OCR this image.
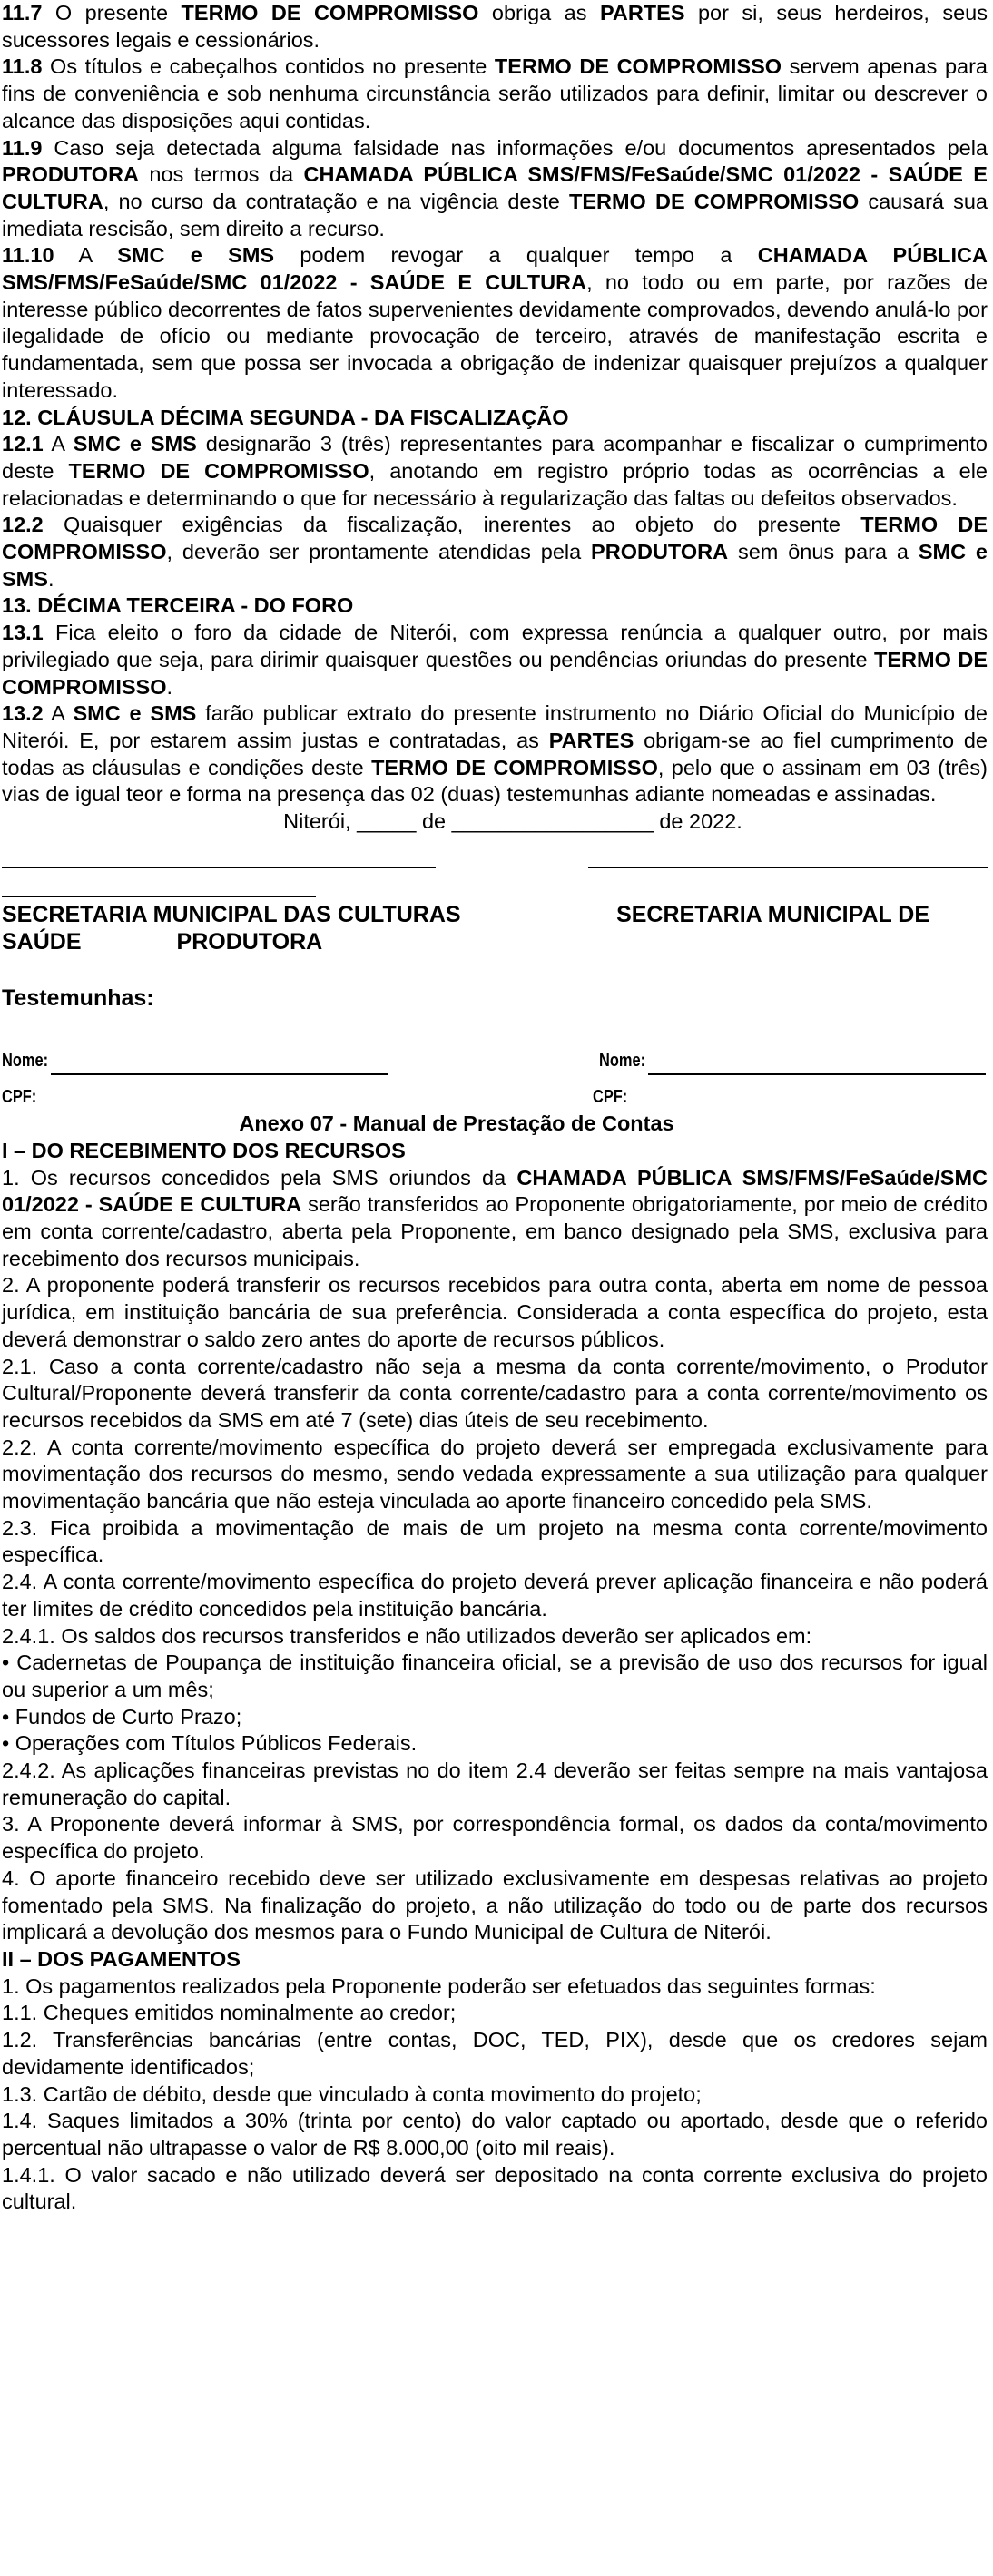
11.7 O presente TERMO DE COMPROMISSO obriga as PARTES por si, seus herdeiros, seus sucessores legais e cessionários.

11.8 Os títulos e cabeçalhos contidos no presente TERMO DE COMPROMISSO servem apenas para fins de conveniência e sob nenhuma circunstância serão utilizados para definir, limitar ou descrever o alcance das disposições aqui contidas.

11.9 Caso seja detectada alguma falsidade nas informações e/ou documentos apresentados pela PRODUTORA nos termos da CHAMADA PÚBLICA SMS/FMS/FeSaúde/SMC 01/2022 - SAÚDE E CULTURA, no curso da contratação e na vigência deste TERMO DE COMPROMISSO causará sua imediata rescisão, sem direito a recurso.

11.10 A SMC e SMS podem revogar a qualquer tempo a CHAMADA PÚBLICA SMS/FMS/FeSaúde/SMC 01/2022 - SAÚDE E CULTURA, no todo ou em parte, por razões de interesse público decorrentes de fatos supervenientes devidamente comprovados, devendo anulá-lo por ilegalidade de ofício ou mediante provocação de terceiro, através de manifestação escrita e fundamentada, sem que possa ser invocada a obrigação de indenizar quaisquer prejuízos a qualquer interessado.

12. CLÁUSULA DÉCIMA SEGUNDA - DA FISCALIZAÇÃO

12.1 A SMC e SMS designarão 3 (três) representantes para acompanhar e fiscalizar o cumprimento deste TERMO DE COMPROMISSO, anotando em registro próprio todas as ocorrências a ele relacionadas e determinando o que for necessário à regularização das faltas ou defeitos observados.

12.2 Quaisquer exigências da fiscalização, inerentes ao objeto do presente TERMO DE COMPROMISSO, deverão ser prontamente atendidas pela PRODUTORA sem ônus para a SMC e SMS.

13. DÉCIMA TERCEIRA - DO FORO

13.1 Fica eleito o foro da cidade de Niterói, com expressa renúncia a qualquer outro, por mais privilegiado que seja, para dirimir quaisquer questões ou pendências oriundas do presente TERMO DE COMPROMISSO.

13.2 A SMC e SMS farão publicar extrato do presente instrumento no Diário Oficial do Município de Niterói. E, por estarem assim justas e contratadas, as PARTES obrigam-se ao fiel cumprimento de todas as cláusulas e condições deste TERMO DE COMPROMISSO, pelo que o assinam em 03 (três) vias de igual teor e forma na presença das 02 (duas) testemunhas adiante nomeadas e assinadas.

Niterói, _____ de _________________ de 2022.

SECRETARIA MUNICIPAL DAS CULTURAS	SECRETARIA MUNICIPAL DE
SAÚDE	PRODUTORA

Testemunhas:

Nome:	Nome:
CPF:	CPF:

Anexo 07 - Manual de Prestação de Contas

I – DO RECEBIMENTO DOS RECURSOS

1. Os recursos concedidos pela SMS oriundos da CHAMADA PÚBLICA SMS/FMS/FeSaúde/SMC 01/2022 - SAÚDE E CULTURA serão transferidos ao Proponente obrigatoriamente, por meio de crédito em conta corrente/cadastro, aberta pela Proponente, em banco designado pela SMS, exclusiva para recebimento dos recursos municipais.

2. A proponente poderá transferir os recursos recebidos para outra conta, aberta em nome de pessoa jurídica, em instituição bancária de sua preferência. Considerada a conta específica do projeto, esta deverá demonstrar o saldo zero antes do aporte de recursos públicos.

2.1. Caso a conta corrente/cadastro não seja a mesma da conta corrente/movimento, o Produtor Cultural/Proponente deverá transferir da conta corrente/cadastro para a conta corrente/movimento os recursos recebidos da SMS em até 7 (sete) dias úteis de seu recebimento.

2.2. A conta corrente/movimento específica do projeto deverá ser empregada exclusivamente para movimentação dos recursos do mesmo, sendo vedada expressamente a sua utilização para qualquer movimentação bancária que não esteja vinculada ao aporte financeiro concedido pela SMS.

2.3. Fica proibida a movimentação de mais de um projeto na mesma conta corrente/movimento específica.

2.4. A conta corrente/movimento específica do projeto deverá prever aplicação financeira e não poderá ter limites de crédito concedidos pela instituição bancária.

2.4.1. Os saldos dos recursos transferidos e não utilizados deverão ser aplicados em:

• Cadernetas de Poupança de instituição financeira oficial, se a previsão de uso dos recursos for igual ou superior a um mês;

• Fundos de Curto Prazo;

• Operações com Títulos Públicos Federais.

2.4.2. As aplicações financeiras previstas no do item 2.4 deverão ser feitas sempre na mais vantajosa remuneração do capital.

3. A Proponente deverá informar à SMS, por correspondência formal, os dados da conta/movimento específica do projeto.

4. O aporte financeiro recebido deve ser utilizado exclusivamente em despesas relativas ao projeto fomentado pela SMS. Na finalização do projeto, a não utilização do todo ou de parte dos recursos implicará a devolução dos mesmos para o Fundo Municipal de Cultura de Niterói.

II – DOS PAGAMENTOS

1. Os pagamentos realizados pela Proponente poderão ser efetuados das seguintes formas:

1.1. Cheques emitidos nominalmente ao credor;

1.2. Transferências bancárias (entre contas, DOC, TED, PIX), desde que os credores sejam devidamente identificados;

1.3. Cartão de débito, desde que vinculado à conta movimento do projeto;

1.4. Saques limitados a 30% (trinta por cento) do valor captado ou aportado, desde que o referido percentual não ultrapasse o valor de R$ 8.000,00 (oito mil reais).

1.4.1. O valor sacado e não utilizado deverá ser depositado na conta corrente exclusiva do projeto cultural.
